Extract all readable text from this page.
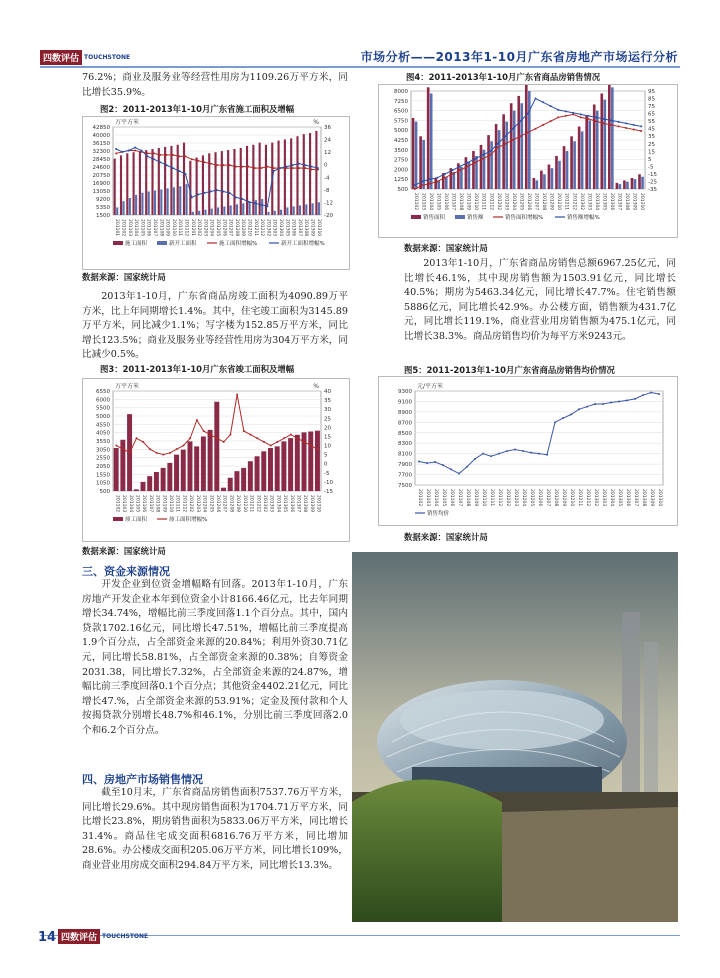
四数评估 TOUCHSTONE	市场分析——2013年1-10月广东省房地产市场运行分析
76.2%；商业及服务业等经营性用房为1109.26万平方米，同比增长35.9%。
图2：2011-2013年1-10月广东省施工面积及增幅
42850
40000
36150
32300
28450
24600
20750
16900
13050
9200
5350
1500
36
24
12
0
-4
-8
-12
-20
万平方米	%
201101 201102 201103 201104 201105 201106 201107 201108 201109 201110 201111 201112 201201 201202 201203 201204 201205 201206 201207 201208 201209 201210 201211 201212 201302 201303 201304 201305 201306 201307 201308 201309 201310
施工面积	新开工面积	施工面积增幅%	新开工面积增幅%
数据来源：国家统计局
2013年1-10月，广东省商品房竣工面积为4090.89万平方米，比上年同期增长1.4%。其中，住宅竣工面积为3145.89万平方米，同比减少1.1%；写字楼为152.85万平方米，同比增长123.5%；商业及服务业等经营性用房为304万平方米，同比减少0.5%。
图3：2011-2013年1-10月广东省竣工面积及增幅
6550
6000
5500
5000
4550
4050
3550
3050
2550
2050
1550
1050
500
40
35
30
25
20
15
10
5
0
-5
-10
-15
万平方米	%
201102 201103 201104 201105 201106 201107 201108 201109 201110 201111 201112 201202 201203 201204 201205 201206 201207 201208 201209 201210 201211 201212 201302 201303 201304 201305 201306 201307 201308 201309 201310
竣工面积	竣工面积增幅%
数据来源：国家统计局
三、资金来源情况
开发企业到位资金增幅略有回落。2013年1-10月，广东房地产开发企业本年到位资金小计8166.46亿元，比去年同期增长34.74%，增幅比前三季度回落1.1个百分点。其中，国内贷款1702.16亿元，同比增长47.51%，增幅比前三季度提高1.9个百分点，占全部资金来源的20.84%；利用外资30.71亿元，同比增长58.81%，占全部资金来源的0.38%；自筹资金2031.38，同比增长7.32%，占全部资金来源的24.87%，增幅比前三季度回落0.1个百分点；其他资金4402.21亿元，同比增长47.%，占全部资金来源的53.91%；定金及预付款和个人按揭贷款分别增长48.7%和46.1%，分别比前三季度回落2.0个和6.2个百分点。
四、房地产市场销售情况
截至10月末，广东省商品房销售面积7537.76万平方米，同比增长29.6%。其中现房销售面积为1704.71万平方米，同比增长23.8%，期房销售面积为5833.06万平方米，同比增长31.4%。商品住宅成交面积6816.76万平方米，同比增加28.6%。办公楼成交面积205.06万平方米，同比增长109%，商业营业用房成交面积294.84万平方米，同比增长13.3%。
图4：2011-2013年1-10月广东省商品房销售情况
8000
7250
6500
5750
5000
4250
3500
2750
2000
1250
500
95
85
75
65
55
45
35
25
15
5
-5
-15
-25
-35
201102 201103 201104 201105 201106 201107 201108 201109 201110 201111 201112 201202 201203 201204 201205 201206 201207 201208 201209 201210 201211 201212 201302 201303 201304 201305 201306 201307 201308 201309 201310
销售面积	销售额	销售面积增幅%	销售额增幅%
数据来源：国家统计局
2013年1-10月，广东省商品房销售总额6967.25亿元，同比增长46.1%，其中现房销售额为1503.91亿元，同比增长40.5%；期房为5463.34亿元，同比增长47.7%。住宅销售额5886亿元，同比增长42.9%。办公楼方面，销售额为431.7亿元，同比增长119.1%，商业营业用房销售额为475.1亿元，同比增长38.3%。商品房销售均价为每平方米9243元。
图5：2011-2013年1-10月广东省商品房销售均价情况
9300
9100
8900
8700
8500
8300
8100
7900
7700
7500
元/平方米
201102 201103 201104 201105 201106 201107 201108 201109 201110 201111 201112 201202 201203 201204 201205 201206 201207 201208 201209 201210 201211 201212 201302 201303 201304 201305 201306 201307 201308 201309 201310
销售均价
数据来源：国家统计局
14 四数评估 TOUCHSTONE
